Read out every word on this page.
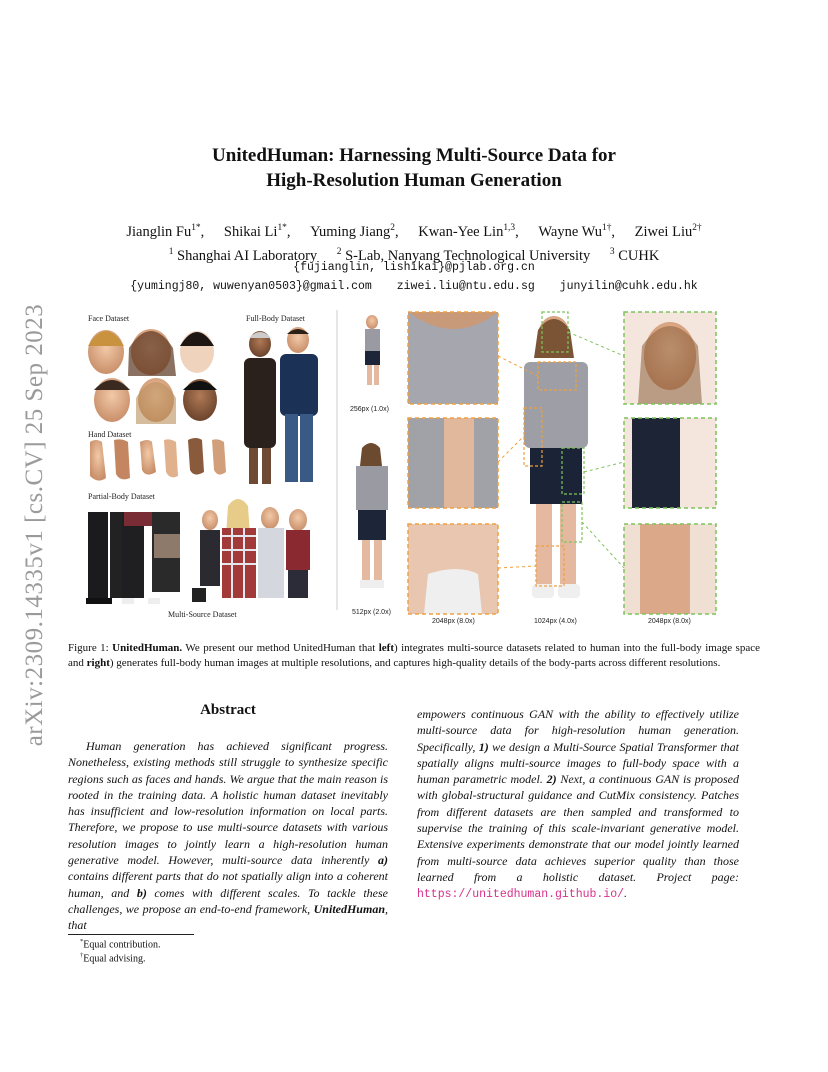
arXiv:2309.14335v1 [cs.CV] 25 Sep 2023
UnitedHuman: Harnessing Multi-Source Data for
High-Resolution Human Generation
Jianglin $Fu^{1*}$, Shikai $Li^{1*}$, Yuming Jiang$^2$, Kwan-Yee Lin$^{1,3}$, Wayne $Wu^{1\dagger}$, Ziwei Liu$^{2\dagger}$
$^1$ Shanghai AI Laboratory $^2$ S-Lab, Nanyang Technological University $^3$ CUHK
{fujianglin, lishikai}@pjlab.org.cn
{yumingj80, wuwenyan0503}@gmail.com ziwei.liu@ntu.edu.sg junyilin@cuhk.edu.hk
Face Dataset	Full-Body Dataset
Hand Dataset
Partial-Body Dataset
Multi-Source Dataset
256px (1.0x)
512px (2.0x)
2048px (8.0x)	1024px (4.0x)	2048px (8.0x)
Figure 1: UnitedHuman. We present our method UnitedHuman that left) integrates multi-source datasets related to human into the full-body image space and right) generates full-body human images at multiple resolutions, and captures high-quality details of the body-parts across different resolutions.
Abstract
Human generation has achieved significant progress. Nonetheless, existing methods still struggle to synthesize specific regions such as faces and hands. We argue that the main reason is rooted in the training data. A holistic human dataset inevitably has insufficient and low-resolution information on local parts. Therefore, we propose to use multi-source datasets with various resolution images to jointly learn a high-resolution human generative model. However, multi-source data inherently a) contains different parts that do not spatially align into a coherent human, and b) comes with different scales. To tackle these challenges, we propose an end-to-end framework, UnitedHuman, that
empowers continuous GAN with the ability to effectively utilize multi-source data for high-resolution human generation. Specifically, 1) we design a Multi-Source Spatial Transformer that spatially aligns multi-source images to full-body space with a human parametric model. 2) Next, a continuous GAN is proposed with global-structural guidance and CutMix consistency. Patches from different datasets are then sampled and transformed to supervise the training of this scale-invariant generative model. Extensive experiments demonstrate that our model jointly learned from multi-source data achieves superior quality than those learned from a holistic dataset. Project page: https://unitedhuman.github.io/.
*Equal contribution.
†Equal advising.
